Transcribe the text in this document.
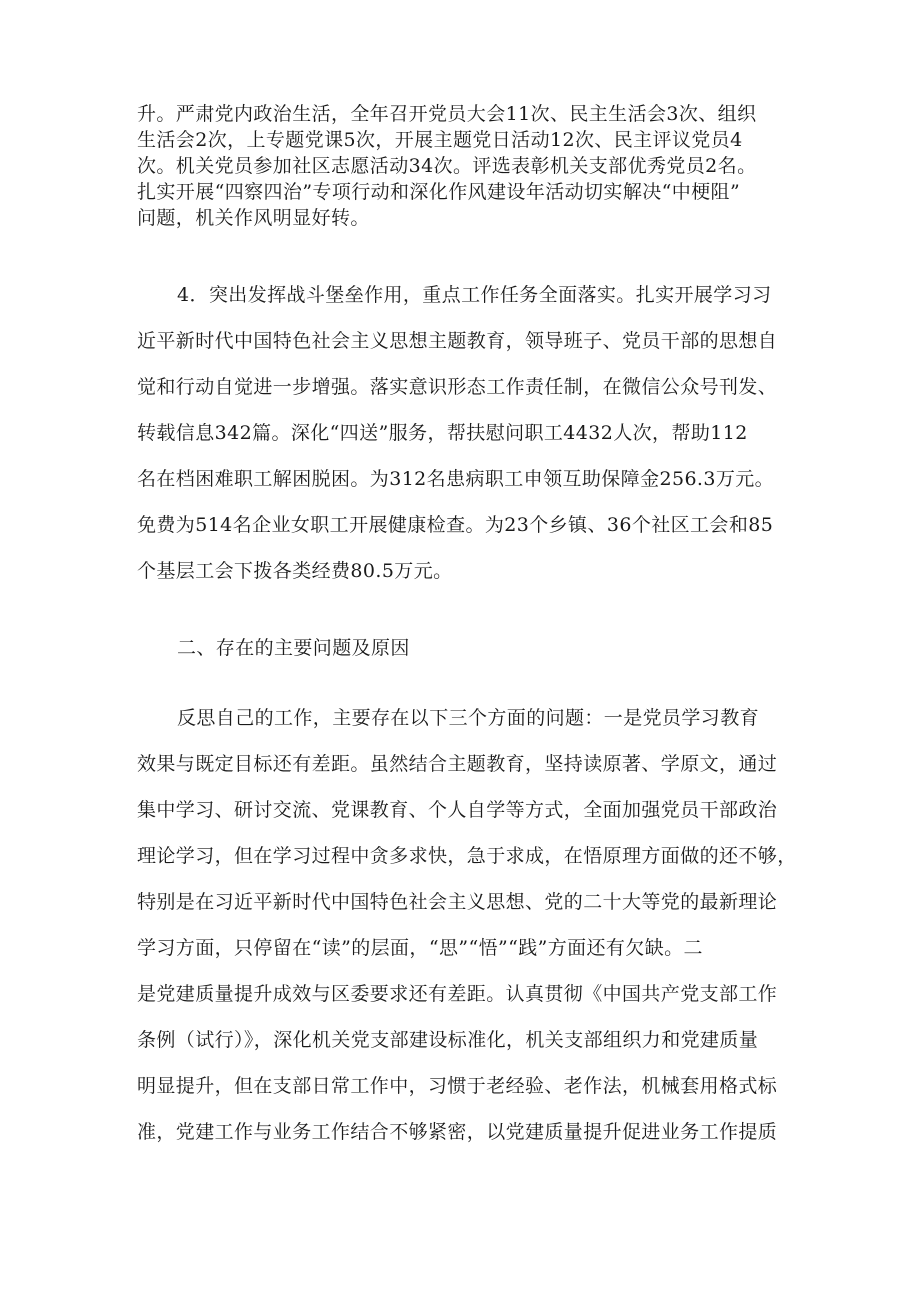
升。严肃党内政治生活，全年召开党员大会11次、民主生活会3次、组织
生活会2次，上专题党课5次，开展主题党日活动12次、民主评议党员4
次。机关党员参加社区志愿活动34次。评选表彰机关支部优秀党员2名。
扎实开展“四察四治”专项行动和深化作风建设年活动切实解决“中梗阻”
问题，机关作风明显好转。
4．突出发挥战斗堡垒作用，重点工作任务全面落实。扎实开展学习习
近平新时代中国特色社会主义思想主题教育，领导班子、党员干部的思想自
觉和行动自觉进一步增强。落实意识形态工作责任制，在微信公众号刊发、
转载信息342篇。深化“四送”服务，帮扶慰问职工4432人次，帮助112
名在档困难职工解困脱困。为312名患病职工申领互助保障金256.3万元。
免费为514名企业女职工开展健康检查。为23个乡镇、36个社区工会和85
个基层工会下拨各类经费80.5万元。
二、存在的主要问题及原因
反思自己的工作，主要存在以下三个方面的问题：一是党员学习教育
效果与既定目标还有差距。虽然结合主题教育，坚持读原著、学原文，通过
集中学习、研讨交流、党课教育、个人自学等方式，全面加强党员干部政治
理论学习，但在学习过程中贪多求快，急于求成，在悟原理方面做的还不够，
特别是在习近平新时代中国特色社会主义思想、党的二十大等党的最新理论
学习方面，只停留在“读”的层面，“思”“悟”“践”方面还有欠缺。二
是党建质量提升成效与区委要求还有差距。认真贯彻《中国共产党支部工作
条例（试行）》，深化机关党支部建设标准化，机关支部组织力和党建质量
明显提升，但在支部日常工作中，习惯于老经验、老作法，机械套用格式标
准，党建工作与业务工作结合不够紧密，以党建质量提升促进业务工作提质
